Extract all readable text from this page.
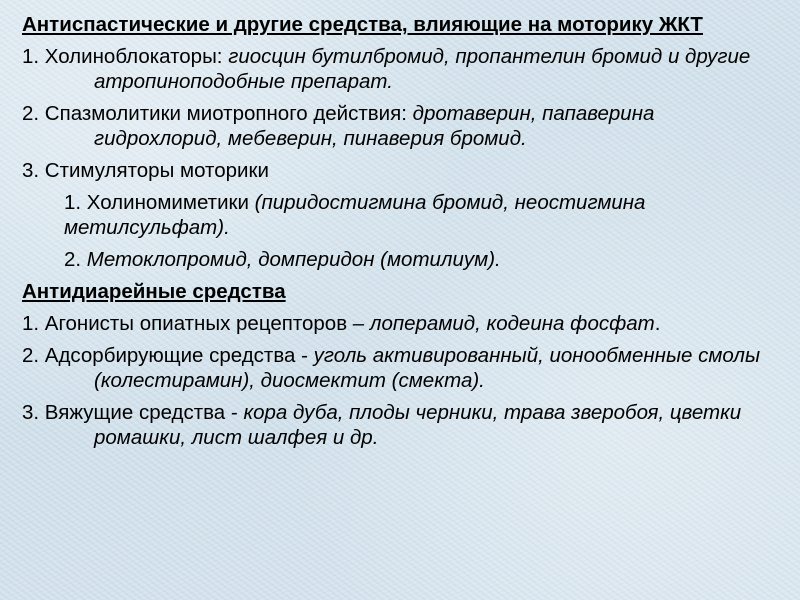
Антиспастические и другие средства, влияющие на моторику ЖКТ

1. Холиноблокаторы: гиосцин бутилбромид, пропантелин бромид и другие атропиноподобные препарат.

2. Спазмолитики миотропного действия: дротаверин, папаверина гидрохлорид, мебеверин, пинаверия бромид.

3. Стимуляторы моторики

1. Холиномиметики (пиридостигмина бромид, неостигмина метилсульфат).

2. Метоклопромид, домперидон (мотилиум).

Антидиарейные средства

1. Агонисты опиатных рецепторов – лоперамид, кодеина фосфат.

2. Адсорбирующие средства - уголь активированный, ионообменные смолы (колестирамин), диосмектит (смекта).

3. Вяжущие средства - кора дуба, плоды черники, трава зверобоя, цветки ромашки, лист шалфея и др.
